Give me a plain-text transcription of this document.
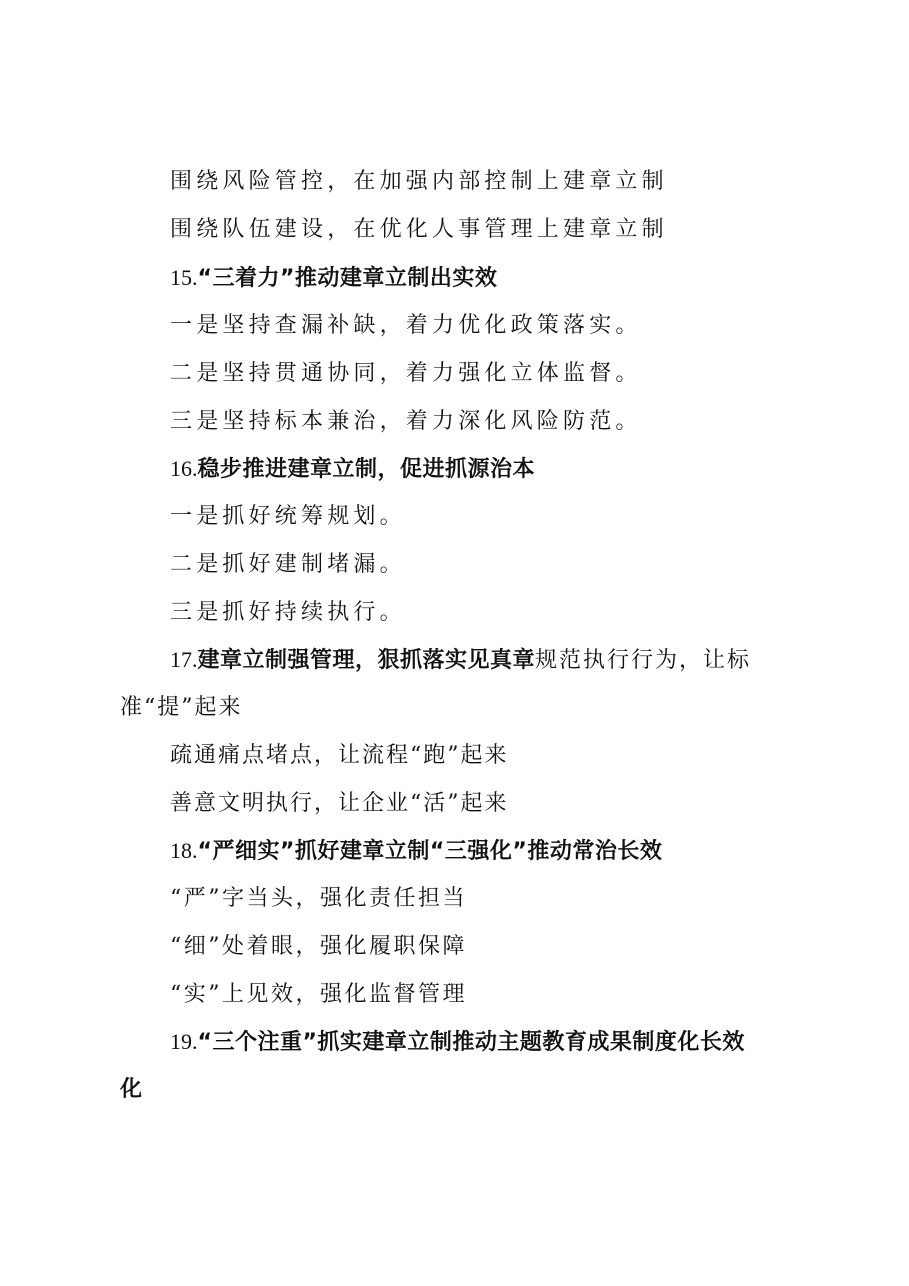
围绕风险管控，在加强内部控制上建章立制
围绕队伍建设，在优化人事管理上建章立制
15.“三着力”推动建章立制出实效
一是坚持查漏补缺，着力优化政策落实。
二是坚持贯通协同，着力强化立体监督。
三是坚持标本兼治，着力深化风险防范。
16.稳步推进建章立制，促进抓源治本
一是抓好统筹规划。
二是抓好建制堵漏。
三是抓好持续执行。
17.建章立制强管理，狠抓落实见真章规范执行行为，让标
准“提”起来
疏通痛点堵点，让流程“跑”起来
善意文明执行，让企业“活”起来
18.“严细实”抓好建章立制“三强化”推动常治长效
“严”字当头，强化责任担当
“细”处着眼，强化履职保障
“实”上见效，强化监督管理
19.“三个注重”抓实建章立制推动主题教育成果制度化长效
化
